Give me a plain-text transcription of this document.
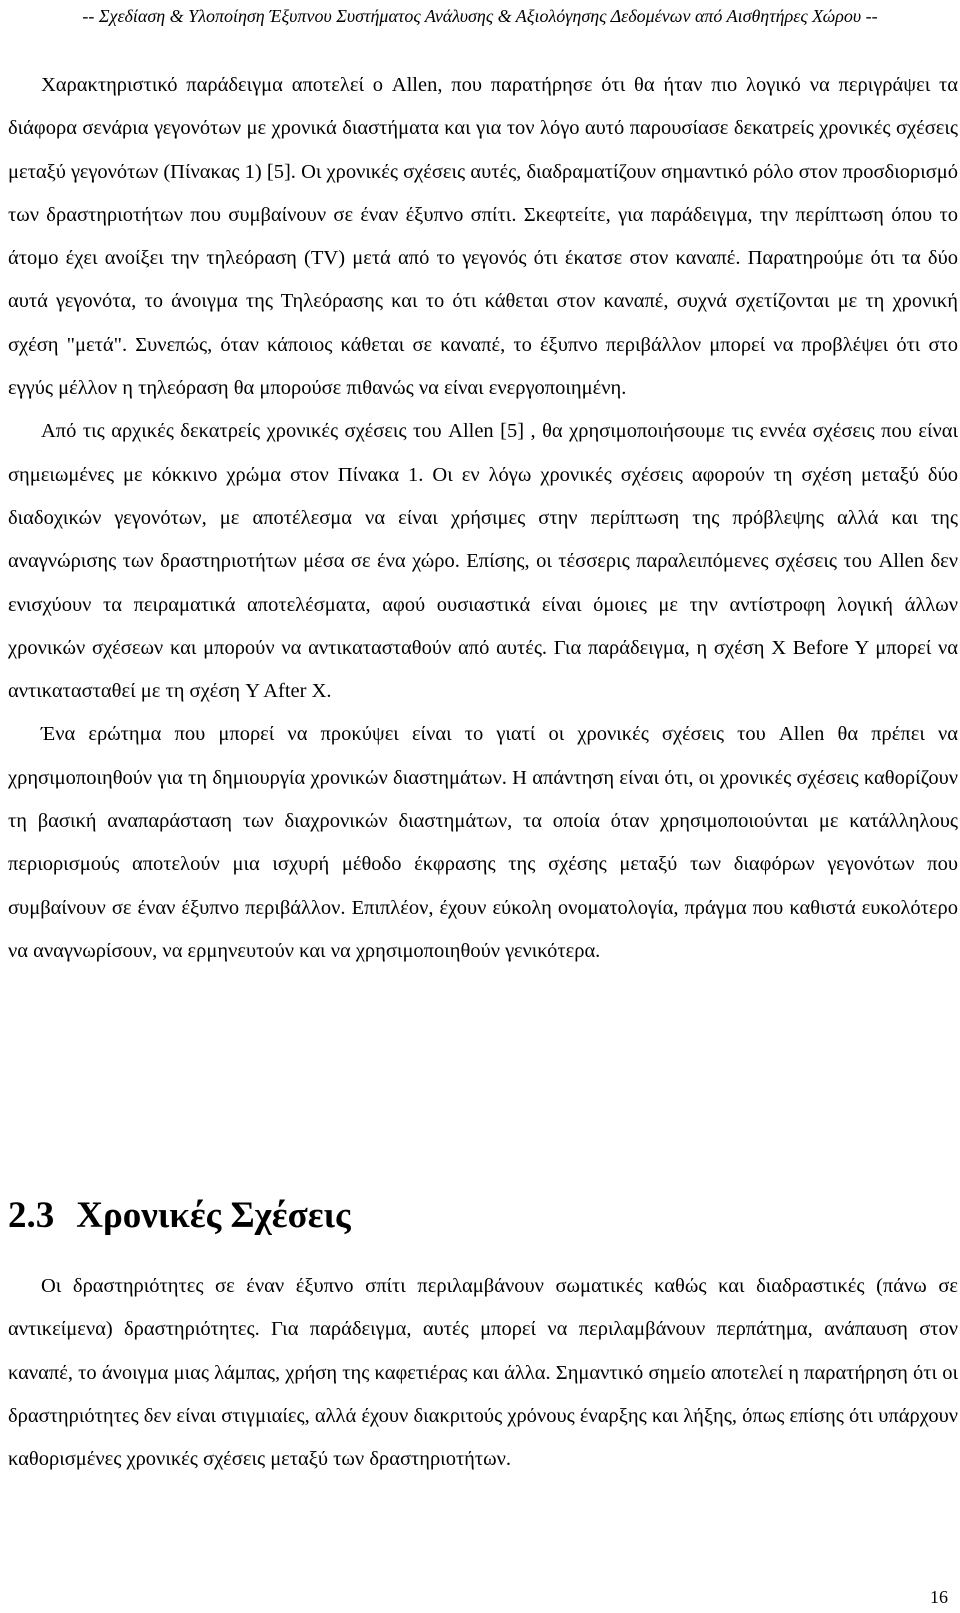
-- Σχεδίαση & Υλοποίηση Έξυπνου Συστήματος Ανάλυσης & Αξιολόγησης Δεδομένων από Αισθητήρες Χώρου --

Χαρακτηριστικό παράδειγμα αποτελεί ο Allen, που παρατήρησε ότι θα ήταν πιο λογικό να περιγράψει τα διάφορα σενάρια γεγονότων με χρονικά διαστήματα και για τον λόγο αυτό παρουσίασε δεκατρείς χρονικές σχέσεις μεταξύ γεγονότων (Πίνακας 1) [5]. Οι χρονικές σχέσεις αυτές, διαδραματίζουν σημαντικό ρόλο στον προσδιορισμό των δραστηριοτήτων που συμβαίνουν σε έναν έξυπνο σπίτι. Σκεφτείτε, για παράδειγμα, την περίπτωση όπου το άτομο έχει ανοίξει την τηλεόραση (TV) μετά από το γεγονός ότι έκατσε στον καναπέ. Παρατηρούμε ότι τα δύο αυτά γεγονότα, το άνοιγμα της Τηλεόρασης και το ότι κάθεται στον καναπέ, συχνά σχετίζονται με τη χρονική σχέση "μετά". Συνεπώς, όταν κάποιος κάθεται σε καναπέ, το έξυπνο περιβάλλον μπορεί να προβλέψει ότι στο εγγύς μέλλον η τηλεόραση θα μπορούσε πιθανώς να είναι ενεργοποιημένη.

Από τις αρχικές δεκατρείς χρονικές σχέσεις του Allen [5] , θα χρησιμοποιήσουμε τις εννέα σχέσεις που είναι σημειωμένες με κόκκινο χρώμα στον Πίνακα 1. Οι εν λόγω χρονικές σχέσεις αφορούν τη σχέση μεταξύ δύο διαδοχικών γεγονότων, με αποτέλεσμα να είναι χρήσιμες στην περίπτωση της πρόβλεψης αλλά και της αναγνώρισης των δραστηριοτήτων μέσα σε ένα χώρο. Επίσης, οι τέσσερις παραλειπόμενες σχέσεις του Allen δεν ενισχύουν τα πειραματικά αποτελέσματα, αφού ουσιαστικά είναι όμοιες με την αντίστροφη λογική άλλων χρονικών σχέσεων και μπορούν να αντικατασταθούν από αυτές. Για παράδειγμα, η σχέση X Before Y μπορεί να αντικατασταθεί με τη σχέση Y After X.

Ένα ερώτημα που μπορεί να προκύψει είναι το γιατί οι χρονικές σχέσεις του Allen θα πρέπει να χρησιμοποιηθούν για τη δημιουργία χρονικών διαστημάτων. Η απάντηση είναι ότι, οι χρονικές σχέσεις καθορίζουν τη βασική αναπαράσταση των διαχρονικών διαστημάτων, τα οποία όταν χρησιμοποιούνται με κατάλληλους περιορισμούς αποτελούν μια ισχυρή μέθοδο έκφρασης της σχέσης μεταξύ των διαφόρων γεγονότων που συμβαίνουν σε έναν έξυπνο περιβάλλον. Επιπλέον, έχουν εύκολη ονοματολογία, πράγμα που καθιστά ευκολότερο να αναγνωρίσουν, να ερμηνευτούν και να χρησιμοποιηθούν γενικότερα.

2.3 Χρονικές Σχέσεις

Οι δραστηριότητες σε έναν έξυπνο σπίτι περιλαμβάνουν σωματικές καθώς και διαδραστικές (πάνω σε αντικείμενα) δραστηριότητες. Για παράδειγμα, αυτές μπορεί να περιλαμβάνουν περπάτημα, ανάπαυση στον καναπέ, το άνοιγμα μιας λάμπας, χρήση της καφετιέρας και άλλα. Σημαντικό σημείο αποτελεί η παρατήρηση ότι οι δραστηριότητες δεν είναι στιγμιαίες, αλλά έχουν διακριτούς χρόνους έναρξης και λήξης, όπως επίσης ότι υπάρχουν καθορισμένες χρονικές σχέσεις μεταξύ των δραστηριοτήτων.

16
